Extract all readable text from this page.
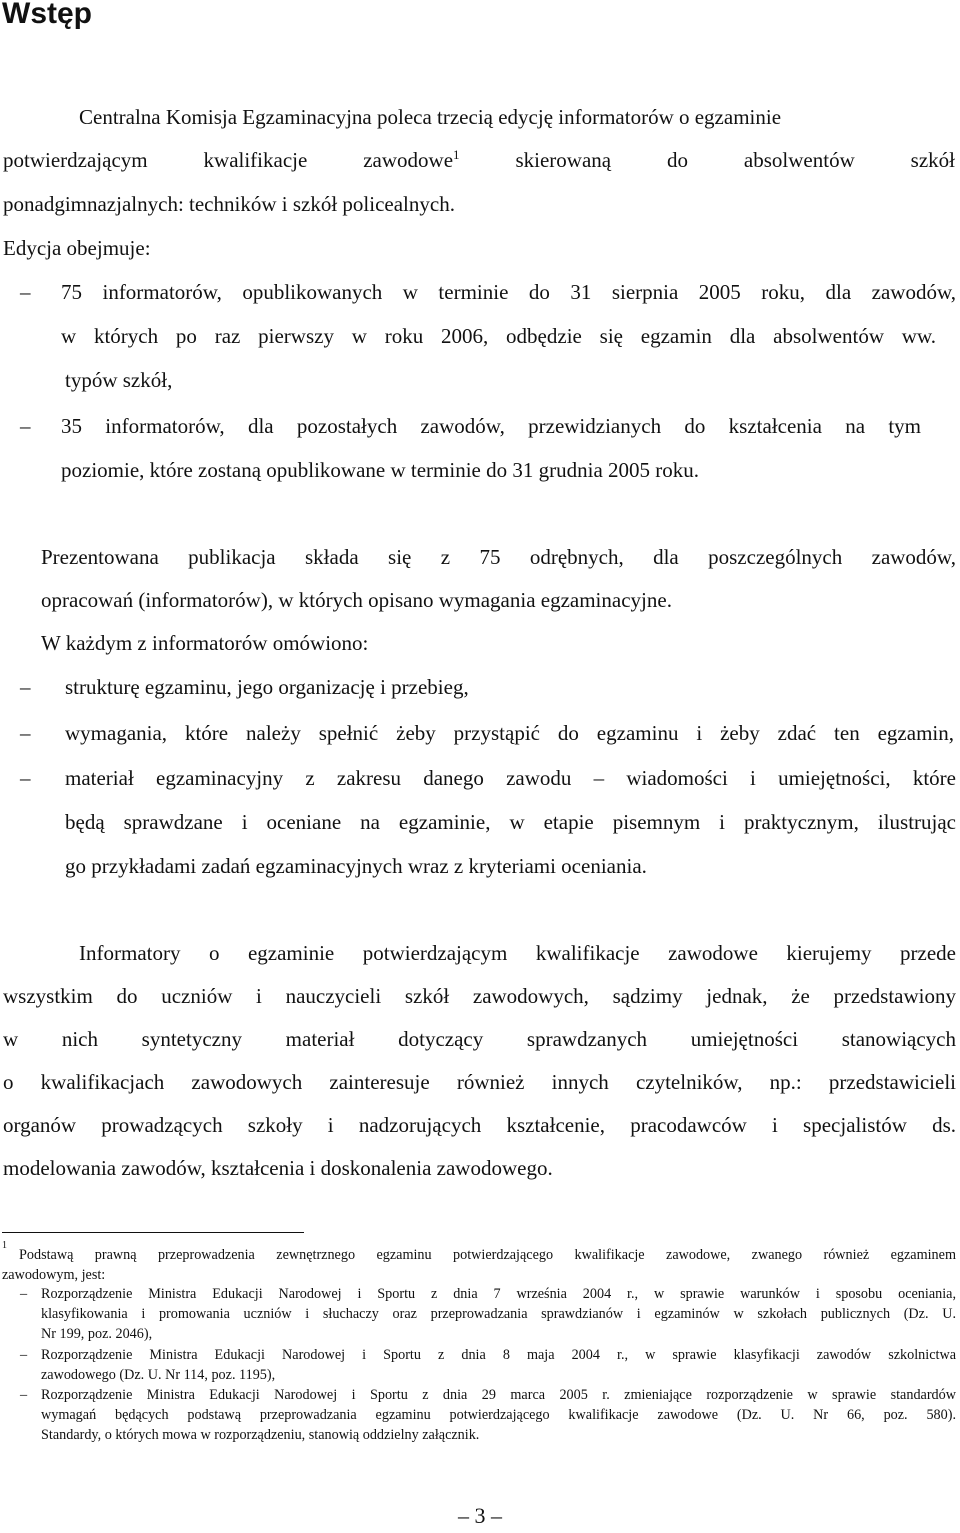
Wstęp
Centralna Komisja Egzaminacyjna poleca trzecią edycję informatorów o egzaminie
potwierdzającym kwalifikacje zawodowe$^1$ skierowaną do absolwentów szkół
ponadgimnazjalnych: techników i szkół policealnych.
Edycja obejmuje:
– 75 informatorów, opublikowanych w terminie do 31 sierpnia 2005 roku, dla zawodów,
w których po raz pierwszy w roku 2006, odbędzie się egzamin dla absolwentów ww.
typów szkół,
– 35 informatorów, dla pozostałych zawodów, przewidzianych do kształcenia na tym
poziomie, które zostaną opublikowane w terminie do 31 grudnia 2005 roku.
Prezentowana publikacja składa się z 75 odrębnych, dla poszczególnych zawodów,
opracowań (informatorów), w których opisano wymagania egzaminacyjne.
W każdym z informatorów omówiono:
– strukturę egzaminu, jego organizację i przebieg,
– wymagania, które należy spełnić żeby przystąpić do egzaminu i żeby zdać ten egzamin,
– materiał egzaminacyjny z zakresu danego zawodu – wiadomości i umiejętności, które
będą sprawdzane i oceniane na egzaminie, w etapie pisemnym i praktycznym, ilustrując
go przykładami zadań egzaminacyjnych wraz z kryteriami oceniania.
Informatory o egzaminie potwierdzającym kwalifikacje zawodowe kierujemy przede
wszystkim do uczniów i nauczycieli szkół zawodowych, sądzimy jednak, że przedstawiony
w nich syntetyczny materiał dotyczący sprawdzanych umiejętności stanowiących
o kwalifikacjach zawodowych zainteresuje również innych czytelników, np.: przedstawicieli
organów prowadzących szkoły i nadzorujących kształcenie, pracodawców i specjalistów ds.
modelowania zawodów, kształcenia i doskonalenia zawodowego.
1
Podstawą prawną przeprowadzenia zewnętrznego egzaminu potwierdzającego kwalifikacje zawodowe, zwanego również egzaminem
zawodowym, jest:
– Rozporządzenie Ministra Edukacji Narodowej i Sportu z dnia 7 września 2004 r., w sprawie warunków i sposobu oceniania,
klasyfikowania i promowania uczniów i słuchaczy oraz przeprowadzania sprawdzianów i egzaminów w szkołach publicznych (Dz. U.
Nr 199, poz. 2046),
– Rozporządzenie Ministra Edukacji Narodowej i Sportu z dnia 8 maja 2004 r., w sprawie klasyfikacji zawodów szkolnictwa
zawodowego (Dz. U. Nr 114, poz. 1195),
– Rozporządzenie Ministra Edukacji Narodowej i Sportu z dnia 29 marca 2005 r. zmieniające rozporządzenie w sprawie standardów
wymagań będących podstawą przeprowadzania egzaminu potwierdzającego kwalifikacje zawodowe (Dz. U. Nr 66, poz. 580).
Standardy, o których mowa w rozporządzeniu, stanowią oddzielny załącznik.
– 3 –
